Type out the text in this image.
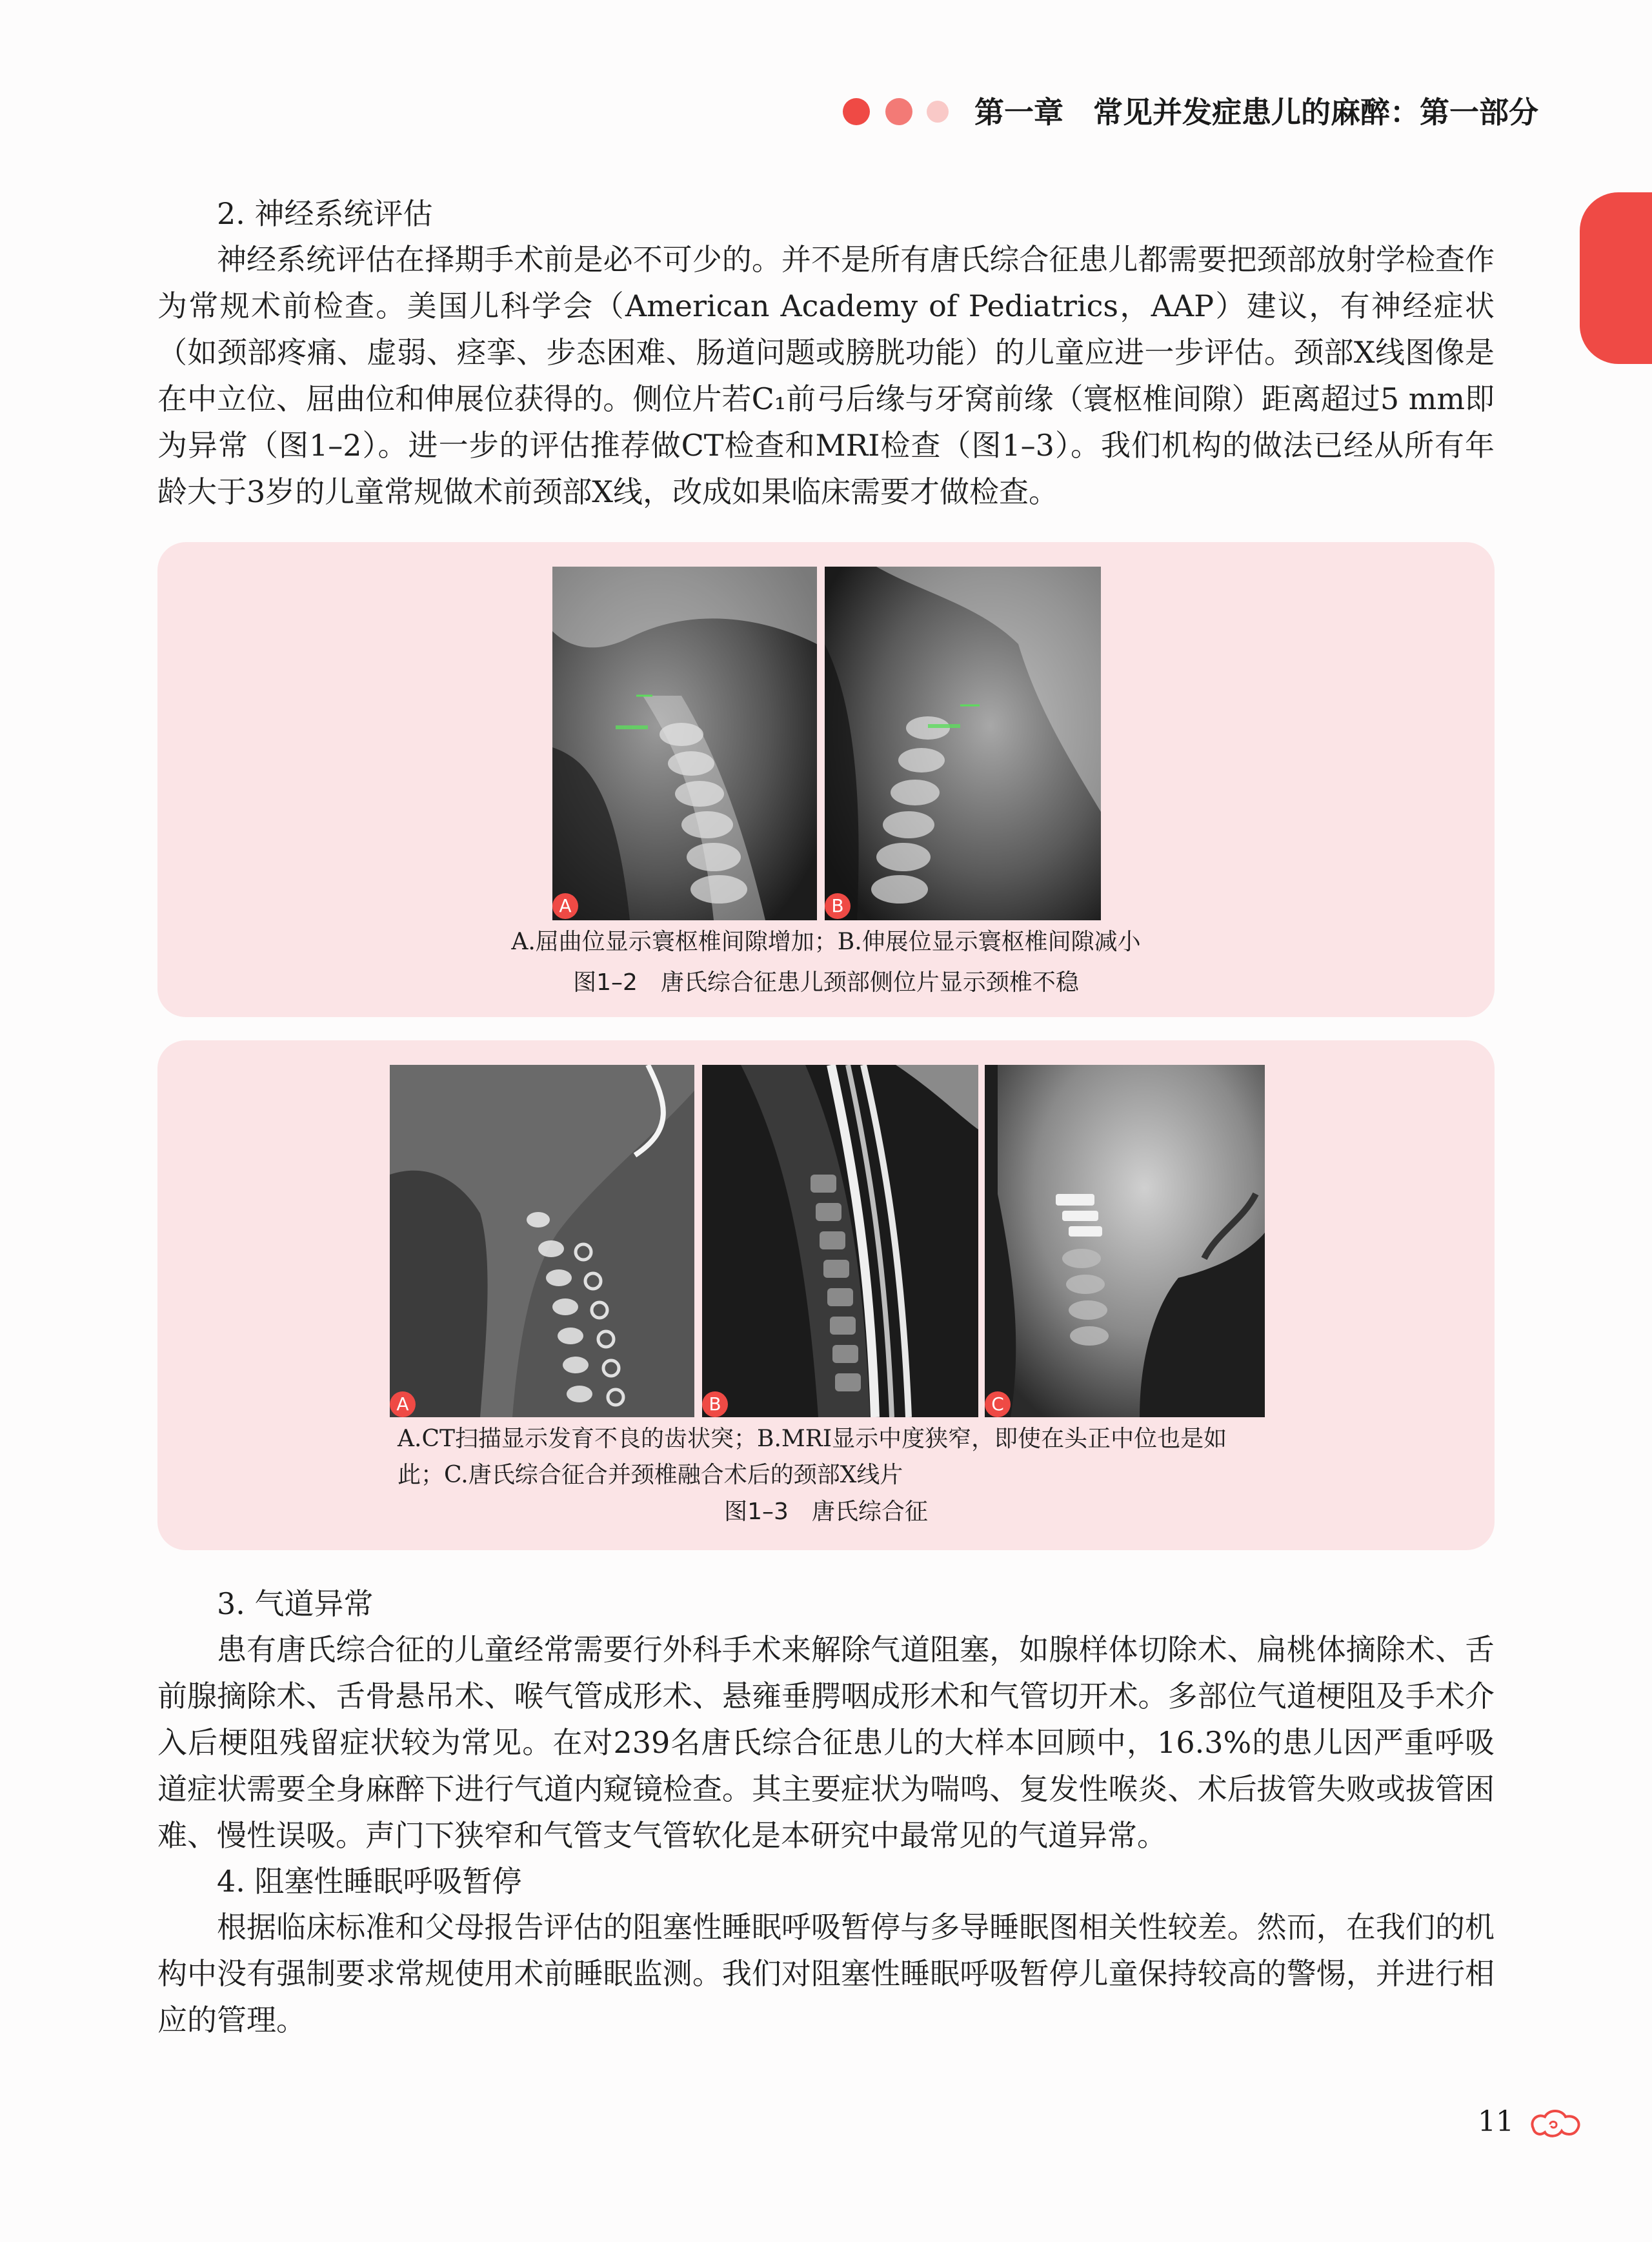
第一章　常见并发症患儿的麻醉：第一部分
2. 神经系统评估

神经系统评估在择期手术前是必不可少的。并不是所有唐氏综合征患儿都需要把颈部放射学检查作为常规术前检查。美国儿科学会（American Academy of Pediatrics，AAP）建议，有神经症状（如颈部疼痛、虚弱、痉挛、步态困难、肠道问题或膀胱功能）的儿童应进一步评估。颈部X线图像是在中立位、屈曲位和伸展位获得的。侧位片若C₁前弓后缘与牙窝前缘（寰枢椎间隙）距离超过5 mm即为异常（图1–2）。进一步的评估推荐做CT检查和MRI检查（图1–3）。我们机构的做法已经从所有年龄大于3岁的儿童常规做术前颈部X线，改成如果临床需要才做检查。

A	B
A.屈曲位显示寰枢椎间隙增加；B.伸展位显示寰枢椎间隙减小
图1–2　唐氏综合征患儿颈部侧位片显示颈椎不稳
A	B	C
A.CT扫描显示发育不良的齿状突；B.MRI显示中度狭窄，即使在头正中位也是如此；C.唐氏综合征合并颈椎融合术后的颈部X线片
图1–3　唐氏综合征
3. 气道异常

患有唐氏综合征的儿童经常需要行外科手术来解除气道阻塞，如腺样体切除术、扁桃体摘除术、舌前腺摘除术、舌骨悬吊术、喉气管成形术、悬雍垂腭咽成形术和气管切开术。多部位气道梗阻及手术介入后梗阻残留症状较为常见。在对239名唐氏综合征患儿的大样本回顾中，16.3%的患儿因严重呼吸道症状需要全身麻醉下进行气道内窥镜检查。其主要症状为喘鸣、复发性喉炎、术后拔管失败或拔管困难、慢性误吸。声门下狭窄和气管支气管软化是本研究中最常见的气道异常。

4. 阻塞性睡眠呼吸暂停

根据临床标准和父母报告评估的阻塞性睡眠呼吸暂停与多导睡眠图相关性较差。然而，在我们的机构中没有强制要求常规使用术前睡眠监测。我们对阻塞性睡眠呼吸暂停儿童保持较高的警惕，并进行相应的管理。

11
